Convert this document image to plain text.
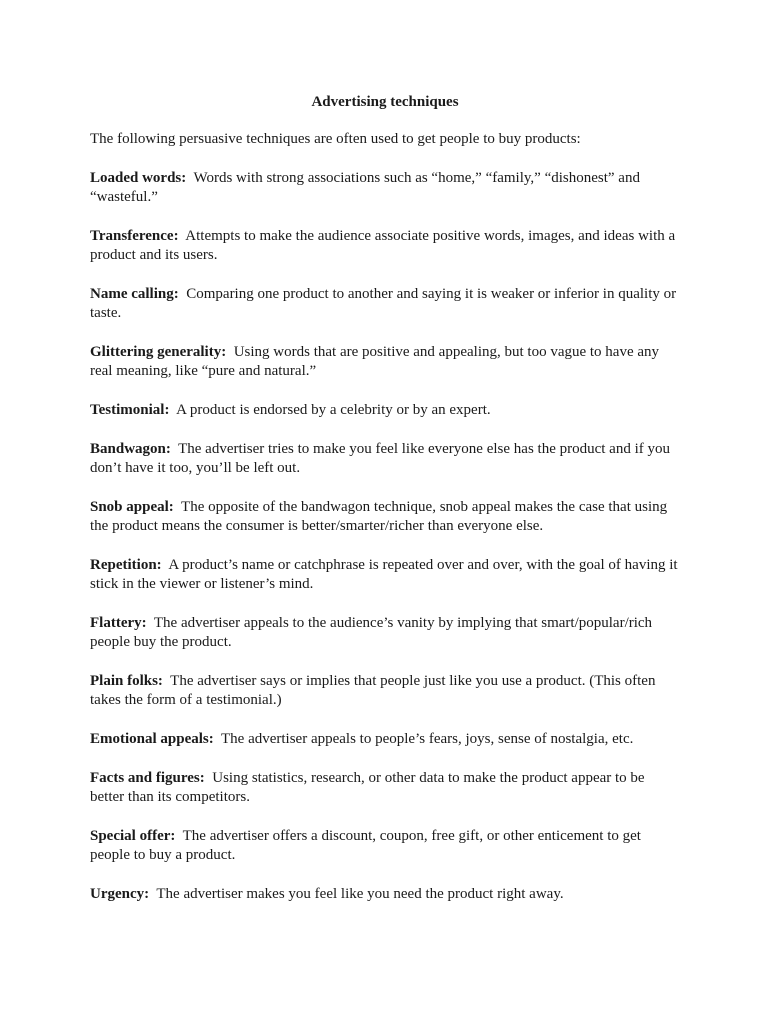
Advertising techniques
The following persuasive techniques are often used to get people to buy products:
Loaded words: Words with strong associations such as “home,” “family,” “dishonest” and “wasteful.”
Transference: Attempts to make the audience associate positive words, images, and ideas with a product and its users.
Name calling: Comparing one product to another and saying it is weaker or inferior in quality or taste.
Glittering generality: Using words that are positive and appealing, but too vague to have any real meaning, like “pure and natural.”
Testimonial: A product is endorsed by a celebrity or by an expert.
Bandwagon: The advertiser tries to make you feel like everyone else has the product and if you don’t have it too, you’ll be left out.
Snob appeal: The opposite of the bandwagon technique, snob appeal makes the case that using the product means the consumer is better/smarter/richer than everyone else.
Repetition: A product’s name or catchphrase is repeated over and over, with the goal of having it stick in the viewer or listener’s mind.
Flattery: The advertiser appeals to the audience’s vanity by implying that smart/popular/rich people buy the product.
Plain folks: The advertiser says or implies that people just like you use a product. (This often takes the form of a testimonial.)
Emotional appeals: The advertiser appeals to people’s fears, joys, sense of nostalgia, etc.
Facts and figures: Using statistics, research, or other data to make the product appear to be better than its competitors.
Special offer: The advertiser offers a discount, coupon, free gift, or other enticement to get people to buy a product.
Urgency: The advertiser makes you feel like you need the product right away.
